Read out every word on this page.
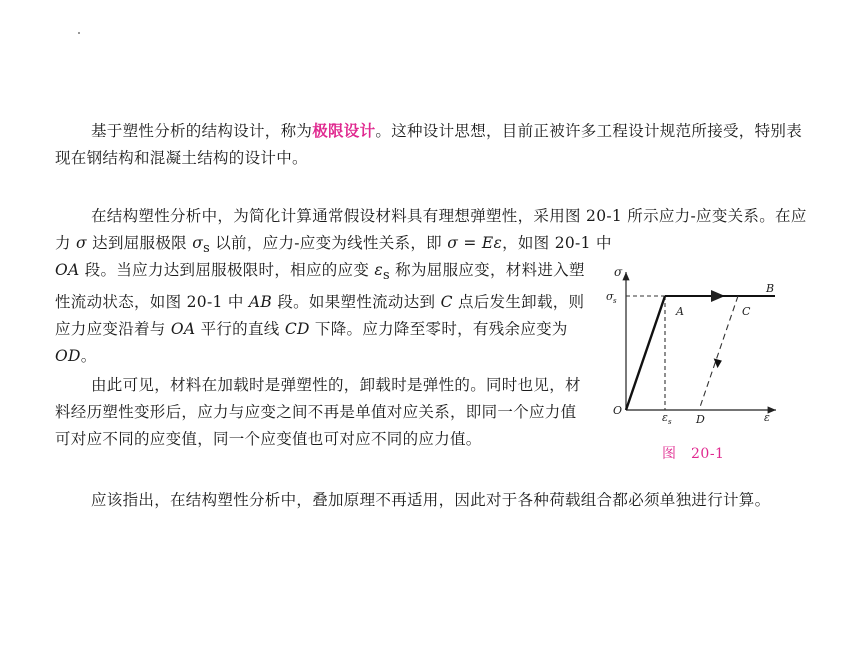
基于塑性分析的结构设计，称为极限设计。这种设计思想，目前正被许多工程设计规范所接受，特别表现在钢结构和混凝土结构的设计中。

在结构塑性分析中，为简化计算通常假设材料具有理想弹塑性，采用图 20-1 所示应力-应变关系。在应力 σ 达到屈服极限 $\sigma_s$ 以前，应力-应变为线性关系，即 σ = Eε，如图 20-1 中

OA 段。当应力达到屈服极限时，相应的应变 $\varepsilon_s$ 称为屈服应变，材料进入塑性流动状态，如图 20-1 中 AB 段。如果塑性流动达到 C 点后发生卸载，则应力应变沿着与 OA 平行的直线 CD 下降。应力降至零时，有残余应变为 OD。

由此可见，材料在加载时是弹塑性的，卸载时是弹性的。同时也见，材料经历塑性变形后，应力与应变之间不再是单值对应关系，即同一个应力值可对应不同的应变值，同一个应变值也可对应不同的应力值。

应该指出，在结构塑性分析中，叠加原理不再适用，因此对于各种荷载组合都必须单独进行计算。

σ
σ s
A
B
C
O
ε s D	ε
图　20-1
